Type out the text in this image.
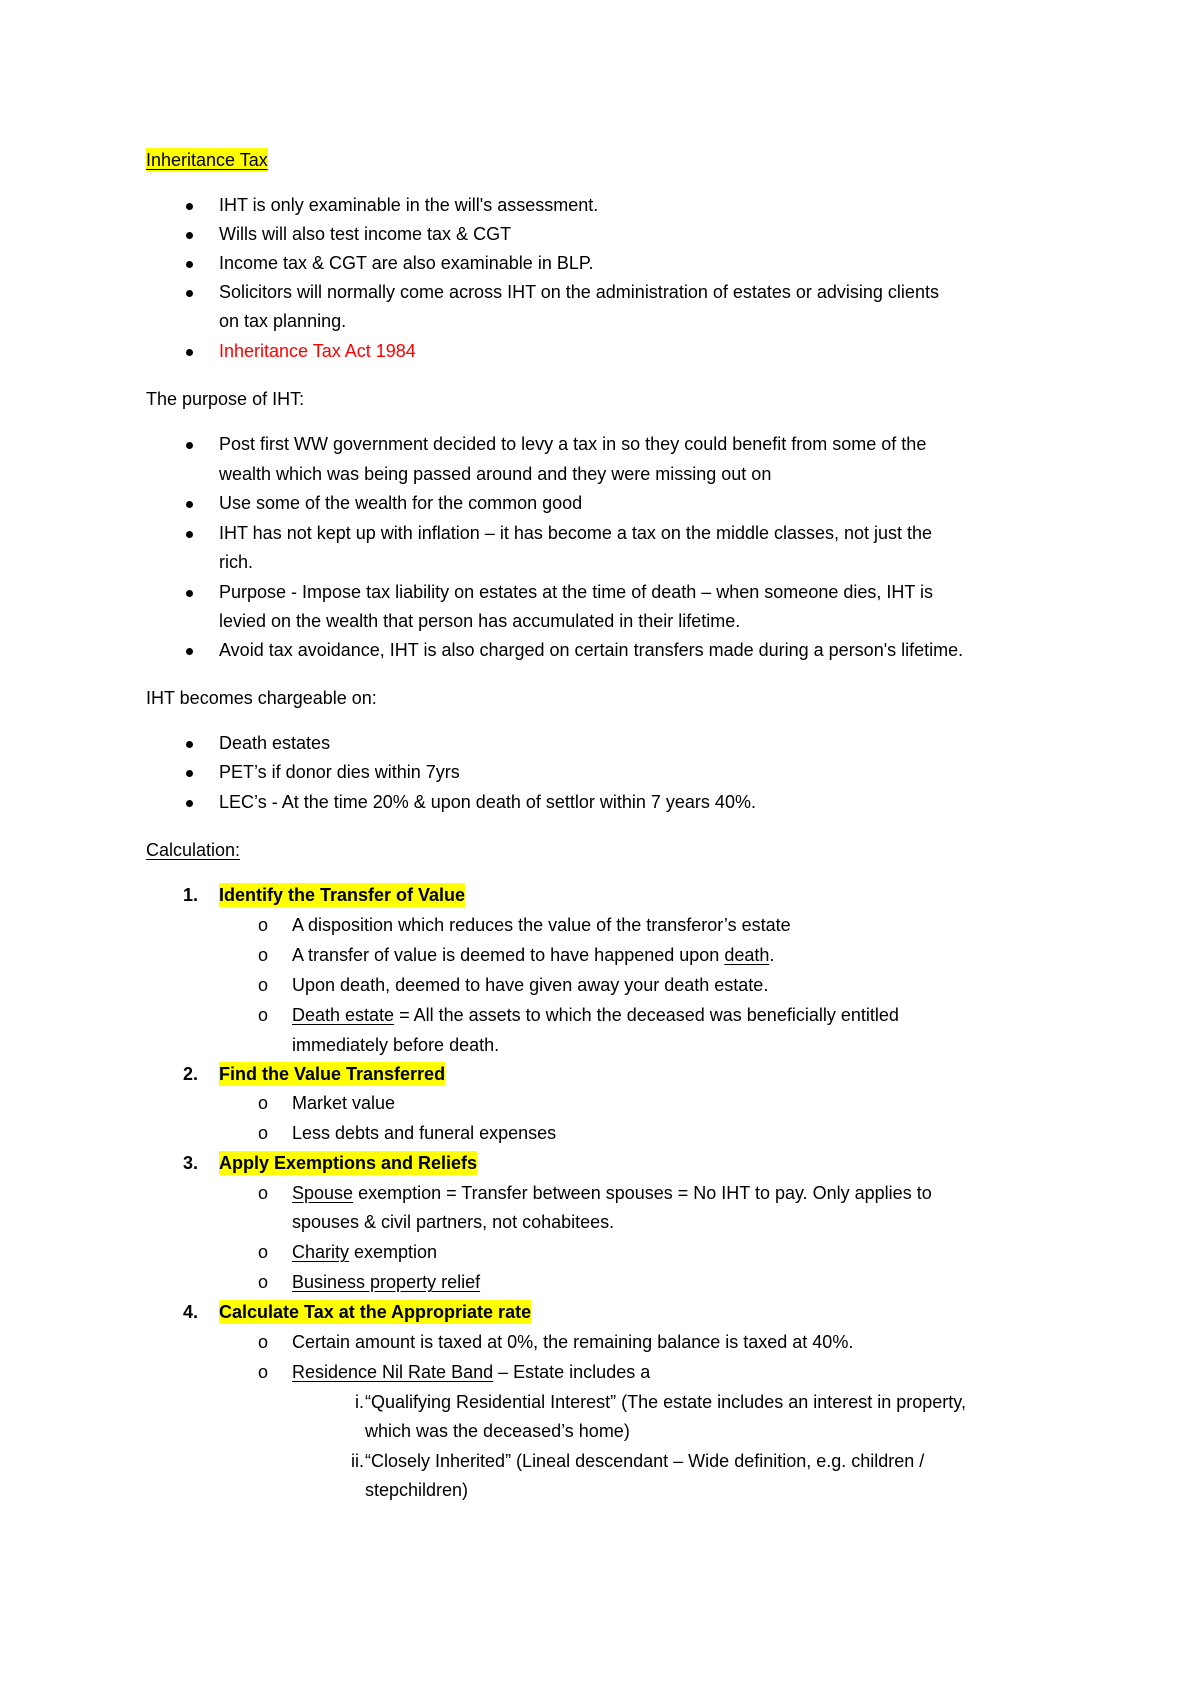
Inheritance Tax
IHT is only examinable in the will's assessment.
Wills will also test income tax & CGT
Income tax & CGT are also examinable in BLP.
Solicitors will normally come across IHT on the administration of estates or advising clients
on tax planning.
Inheritance Tax Act 1984
The purpose of IHT:
Post first WW government decided to levy a tax in so they could benefit from some of the
wealth which was being passed around and they were missing out on
Use some of the wealth for the common good
IHT has not kept up with inflation – it has become a tax on the middle classes, not just the
rich.
Purpose - Impose tax liability on estates at the time of death – when someone dies, IHT is
levied on the wealth that person has accumulated in their lifetime.
Avoid tax avoidance, IHT is also charged on certain transfers made during a person's lifetime.
IHT becomes chargeable on:
Death estates
PET’s if donor dies within 7yrs
LEC’s - At the time 20% & upon death of settlor within 7 years 40%.
Calculation:
1. Identify the Transfer of Value
o A disposition which reduces the value of the transferor’s estate
o A transfer of value is deemed to have happened upon death.
o Upon death, deemed to have given away your death estate.
o Death estate = All the assets to which the deceased was beneficially entitled
immediately before death.
2. Find the Value Transferred
o Market value
o Less debts and funeral expenses
3. Apply Exemptions and Reliefs
o Spouse exemption = Transfer between spouses = No IHT to pay. Only applies to
spouses & civil partners, not cohabitees.
o Charity exemption
o Business property relief
4. Calculate Tax at the Appropriate rate
o Certain amount is taxed at 0%, the remaining balance is taxed at 40%.
o Residence Nil Rate Band – Estate includes a
i. “Qualifying Residential Interest” (The estate includes an interest in property,
which was the deceased’s home)
ii. “Closely Inherited” (Lineal descendant – Wide definition, e.g. children /
stepchildren)
